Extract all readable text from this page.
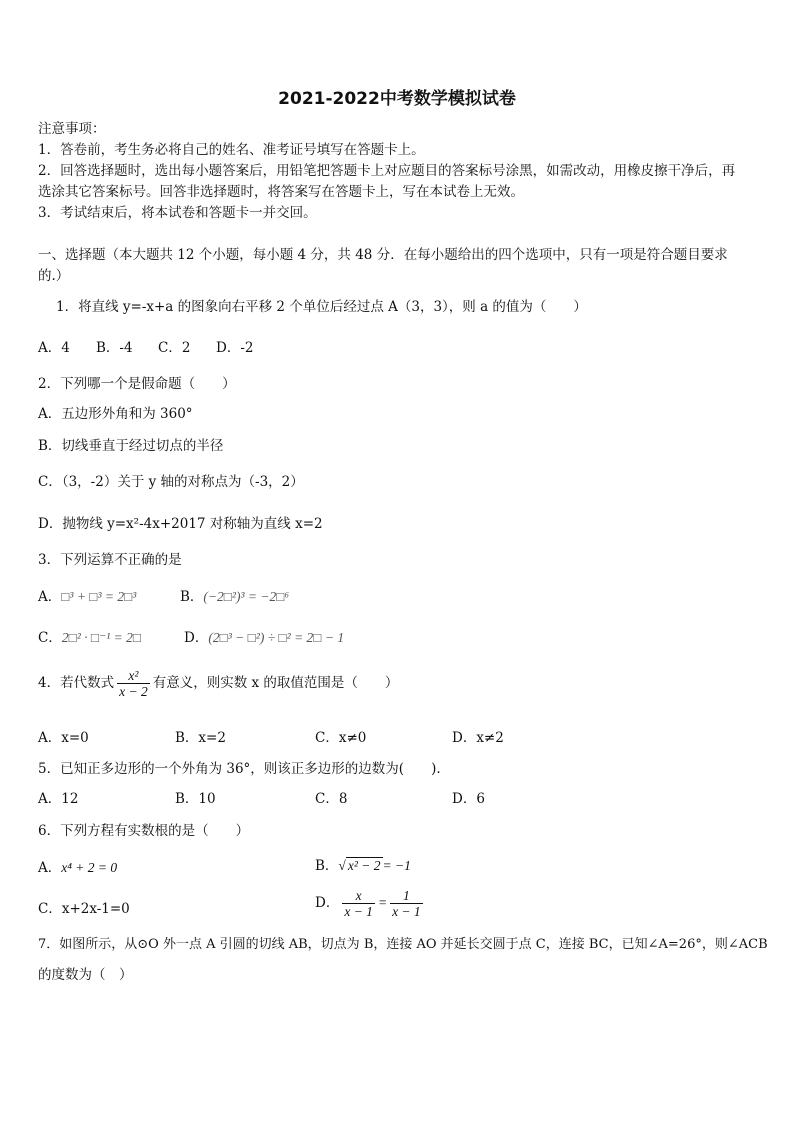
2021-2022中考数学模拟试卷
注意事项：
1．答卷前，考生务必将自己的姓名、准考证号填写在答题卡上。
2．回答选择题时，选出每小题答案后，用铅笔把答题卡上对应题目的答案标号涂黑，如需改动，用橡皮擦干净后，再
选涂其它答案标号。回答非选择题时，将答案写在答题卡上，写在本试卷上无效。
3．考试结束后，将本试卷和答题卡一并交回。
一、选择题（本大题共 12 个小题，每小题 4 分，共 48 分．在每小题给出的四个选项中，只有一项是符合题目要求
的.）
1．将直线 y=-x+a 的图象向右平移 2 个单位后经过点 A（3，3），则 a 的值为（　　）
A．4 B．-4 C．2 D．-2
2．下列哪一个是假命题（　　）
A．五边形外角和为 360°
B．切线垂直于经过切点的半径
C．（3，-2）关于 y 轴的对称点为（-3，2）
D．抛物线 y=x²-4x+2017 对称轴为直线 x=2
3．下列运算不正确的是
A．□³ + □³ = 2□³	B．(−2□²)³ = −2□⁶
C．2□² · □⁻¹ = 2□	D．(2□³ − □²) ÷ □² = 2□ − 1
4．若代数式 $\frac{\text{x²}}{x - 2}$ 有意义，则实数 x 的取值范围是（　　）
A．x=0	B．x=2	C．x≠0	D．x≠2
5．已知正多边形的一个外角为 36°，则该正多边形的边数为(　　).
A．12	B．10	C．8	D．6
6．下列方程有实数根的是（　　）
A．x⁴ + 2 = 0	B．√ x² − 2 = −1
C．x+2x-1=0	D． $\frac{x}{x - 1} = \frac{1}{x - 1}$
7．如图所示，从⊙O 外一点 A 引圆的切线 AB，切点为 B，连接 AO 并延长交圆于点 C，连接 BC，已知∠A=26°，则∠ACB
的度数为（　）
